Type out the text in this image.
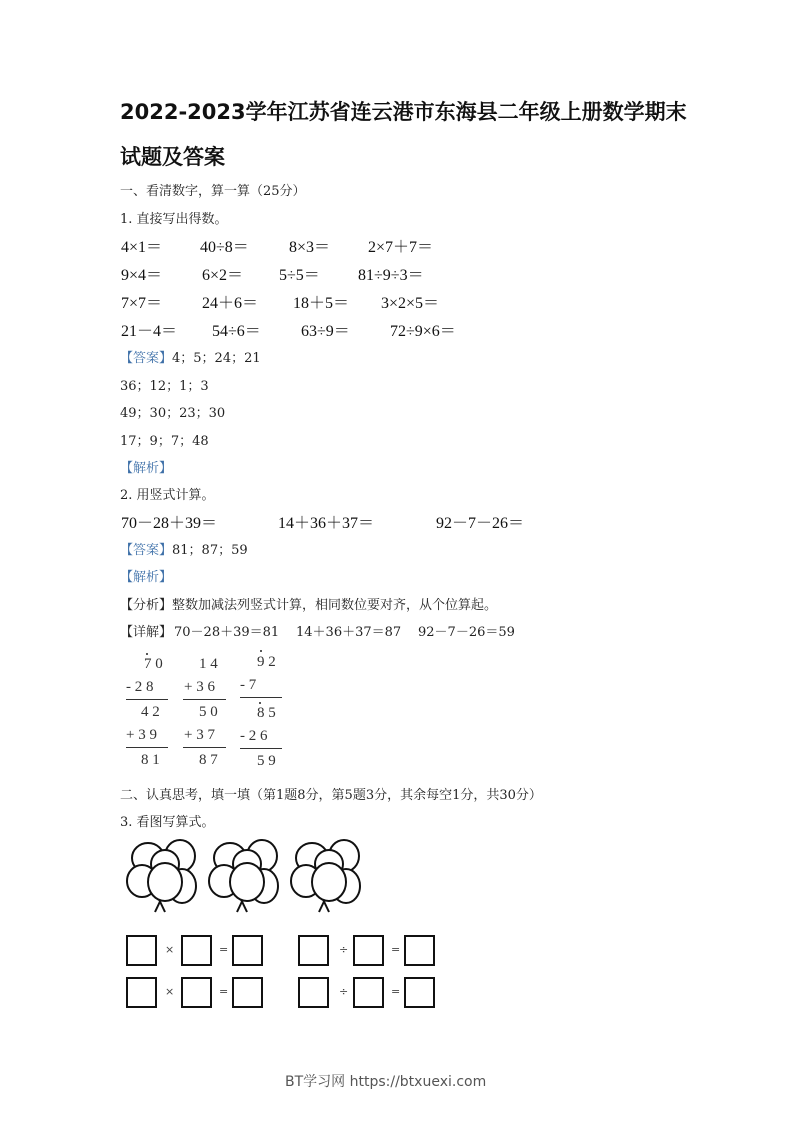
2022-2023学年江苏省连云港市东海县二年级上册数学期末
试题及答案
一、看清数字，算一算（25分）
1. 直接写出得数。
4×1＝ 40÷8＝	8×3＝ 2×7＋7＝
9×4＝ 6×2＝ 5÷5＝ 81÷9÷3＝
7×7＝ 24＋6＝ 18＋5＝ 3×2×5＝
21－4＝ 54÷6＝	63÷9＝	72÷9×6＝
【答案】4；5；24；21
36；12；1；3
49；30；23；30
17；9；7；48
【解析】
2. 用竖式计算。
70－28＋39＝	14＋36＋37＝	92－7－26＝
【答案】81；87；59
【解析】
【分析】整数加减法列竖式计算，相同数位要对齐，从个位算起。
【详解】 70－28＋39＝81 14＋36＋37＝87 92－7－26＝59
7 0
- 2 8
4 2
+ 3 9
8 1
1 4
+ 3 6
5 0
+ 3 7
8 7
9 2
- 7
8 5
- 2 6
5 9
二、认真思考，填一填（第1题8分，第5题3分，其余每空1分，共30分）
3. 看图写算式。
×	=	÷	=
×	=	÷	=
BT学习网 https://btxuexi.com
